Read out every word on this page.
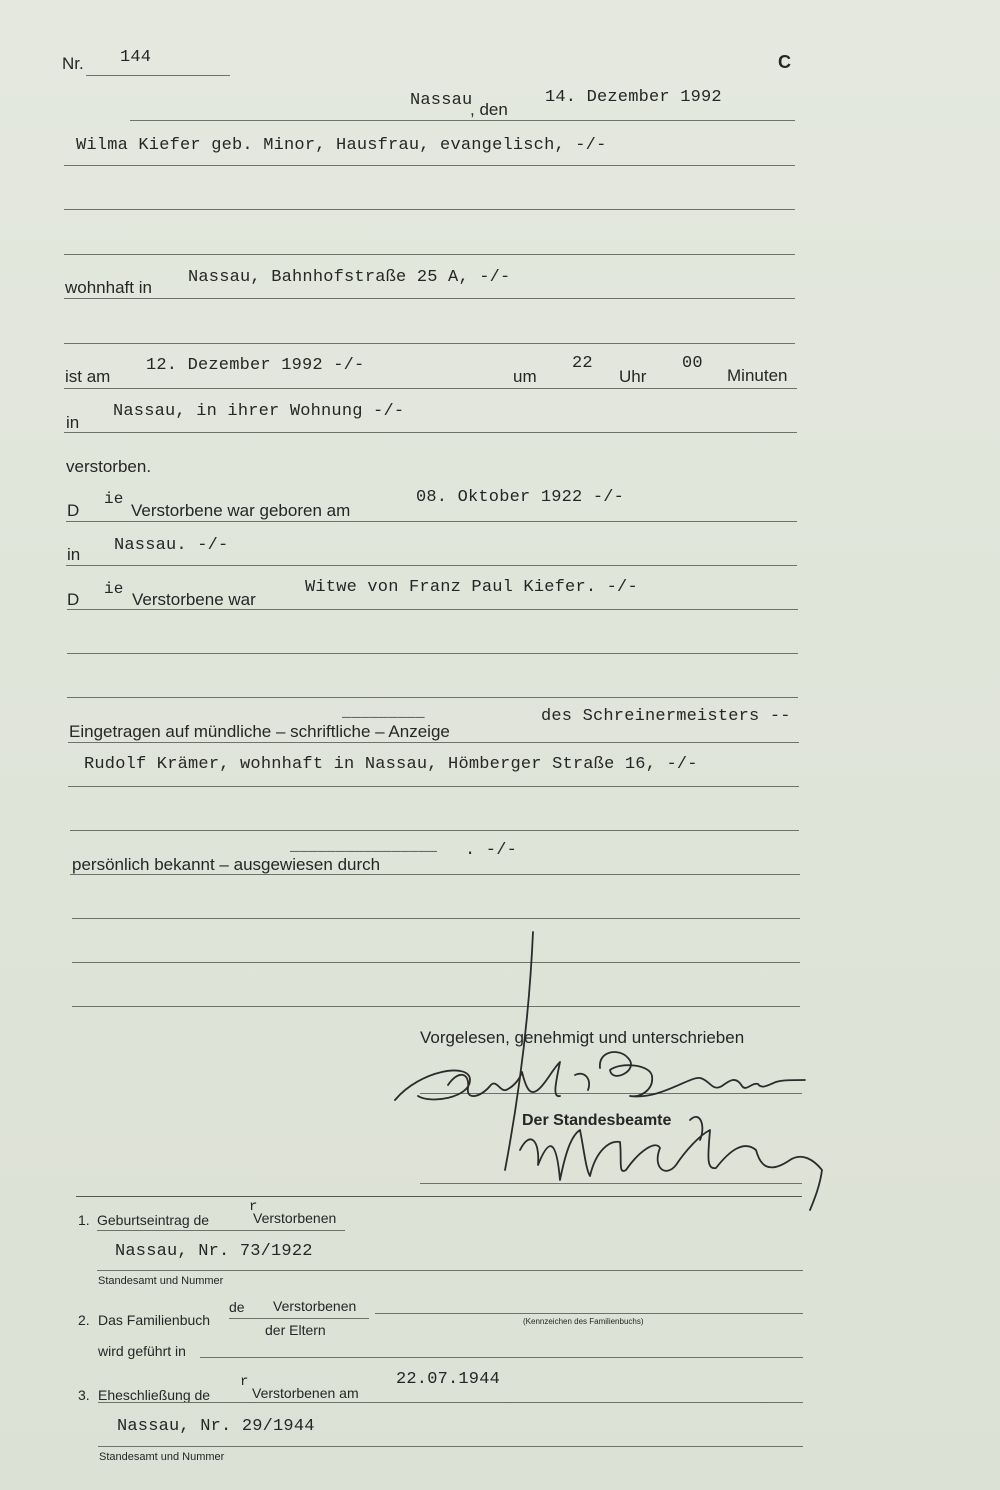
Nr. 144	C
Nassau
, den
14. Dezember 1992
Wilma Kiefer geb. Minor, Hausfrau, evangelisch, -/-
wohnhaft in
Nassau, Bahnhofstraße 25 A, -/-
ist am
12. Dezember 1992 -/-
um
22
Uhr
00
Minuten
in
Nassau, in ihrer Wohnung -/-
verstorben.
D
ie
Verstorbene war geboren am
08. Oktober 1922 -/-
in Nassau. -/-
D
ie
Verstorbene war
Witwe von Franz Paul Kiefer. -/-
_________
Eingetragen auf mündliche – schriftliche – Anzeige
des Schreinermeisters --
Rudolf Krämer, wohnhaft in Nassau, Hömberger Straße 16, -/-
________________
persönlich bekannt – ausgewiesen durch
. -/-
Vorgelesen, genehmigt und unterschrieben
Der Standesbeamte
1. Geburtseintrag de
r
Verstorbenen
Nassau, Nr. 73/1922
Standesamt und Nummer
2. Das Familienbuch
de Verstorbenen
der Eltern
(Kennzeichen des Familienbuchs)
wird geführt in
3. Eheschließung de
r
Verstorbenen am
22.07.1944
Nassau, Nr. 29/1944
Standesamt und Nummer
